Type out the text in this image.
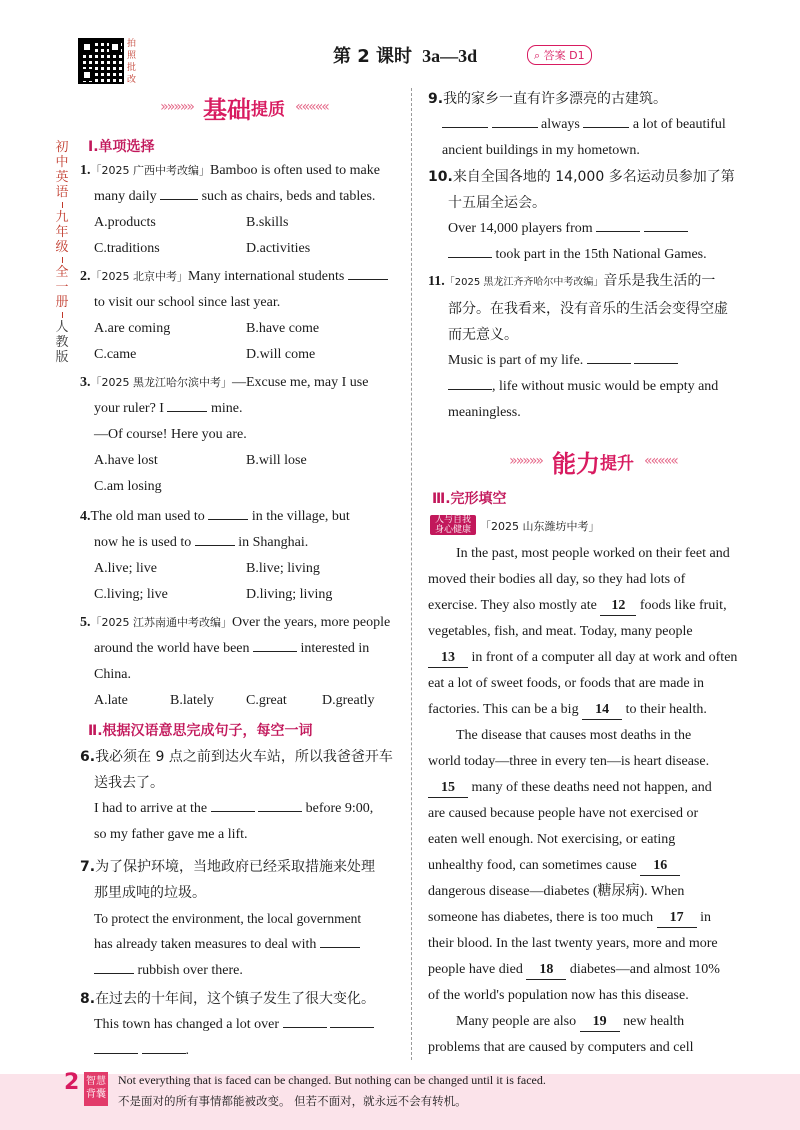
拍照批改
第 2 课时 3a—3d	⌕ 答案 D1
初中英语
九年级
全一册
人教版
»»»»» 基础 提质 «««««
Ⅰ.单项选择
1.「2025 广西中考改编」Bamboo is often used to make
many daily	such as chairs, beds and tables.
A.products	B.skills
C.traditions	D.activities
2.「2025 北京中考」Many international students
to visit our school since last year.
A.are coming	B.have come
C.came	D.will come
3.「2025 黑龙江哈尔滨中考」—Excuse me, may I use
your ruler? I	mine.
—Of course! Here you are.
A.have lost	B.will lose
C.am losing
4.The old man used to	in the village, but
now he is used to	in Shanghai.
A.live; live	B.live; living
C.living; live	D.living; living
5.「2025 江苏南通中考改编」Over the years, more people
around the world have been	interested in
China.
A.late	B.lately C.great	D.greatly
Ⅱ.根据汉语意思完成句子，每空一词
6.我必须在 9 点之前到达火车站，所以我爸爸开车
送我去了。
I had to arrive at the	before 9:00,
so my father gave me a lift.
7.为了保护环境，当地政府已经采取措施来处理
那里成吨的垃圾。
To protect the environment, the local government
has already taken measures to deal with
rubbish over there.
8.在过去的十年间，这个镇子发生了很大变化。
This town has changed a lot over
.
9.我的家乡一直有许多漂亮的古建筑。
always	a lot of beautiful
ancient buildings in my hometown.
10.来自全国各地的 14,000 多名运动员参加了第
十五届全运会。
Over 14,000 players from
took part in the 15th National Games.
11.「2025 黑龙江齐齐哈尔中考改编」音乐是我生活的一
部分。在我看来，没有音乐的生活会变得空虚
而无意义。
Music is part of my life.
, life without music would be empty and
meaningless.
»»»»» 能力 提升 «««««
Ⅲ.完形填空
人与自我 身心健康 「2025 山东潍坊中考」
In the past, most people worked on their feet and
moved their bodies all day, so they had lots of
exercise. They also mostly ate 12 foods like fruit,
vegetables, fish, and meat. Today, many people
13 in front of a computer all day at work and often
eat a lot of sweet foods, or foods that are made in
factories. This can be a big 14 to their health.
The disease that causes most deaths in the
world today—three in every ten—is heart disease.
15 many of these deaths need not happen, and
are caused because people have not exercised or
eaten well enough. Not exercising, or eating
unhealthy food, can sometimes cause 16
dangerous disease—diabetes (糖尿病). When
someone has diabetes, there is too much 17 in
their blood. In the last twenty years, more and more
people have died 18 diabetes—and almost 10%
of the world's population now has this disease.
Many people are also 19 new health
problems that are caused by computers and cell
2 智慧背囊
Not everything that is faced can be changed. But nothing can be changed until it is faced.
不是面对的所有事情都能被改变。 但若不面对，就永远不会有转机。
